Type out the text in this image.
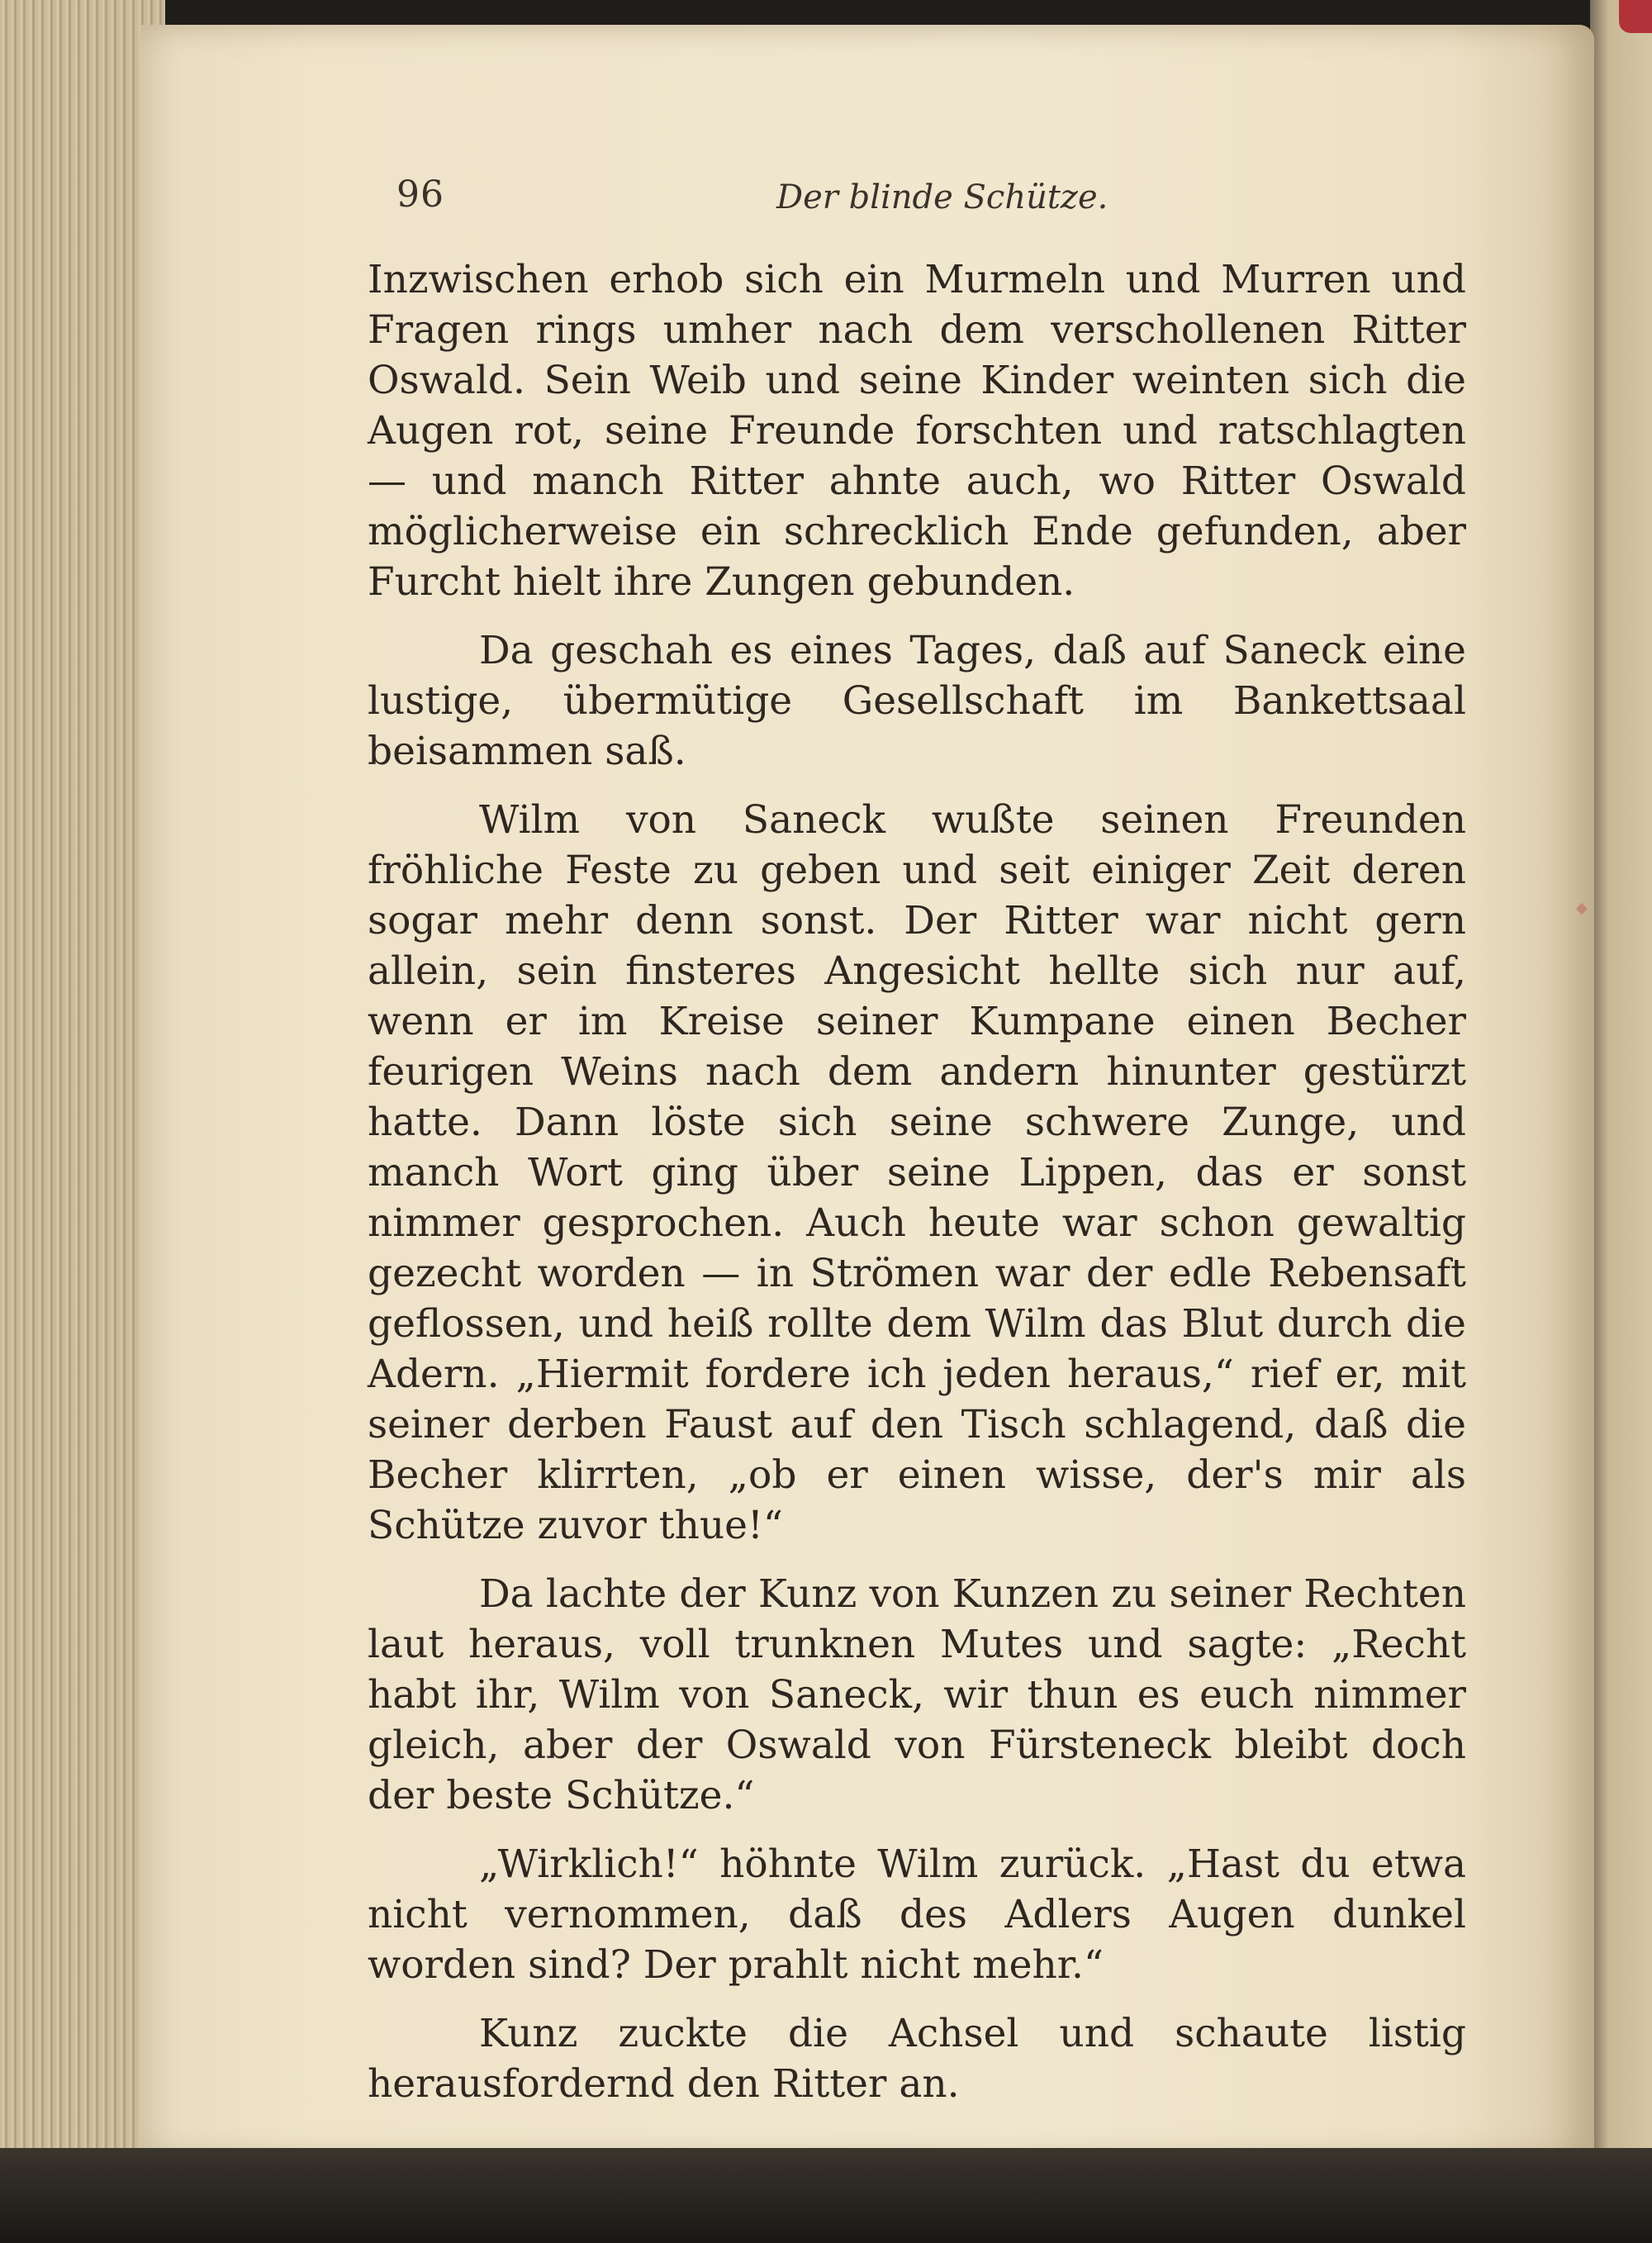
96	Der blinde Schütze.

Inzwischen erhob sich ein Murmeln und Murren und Fragen rings umher nach dem verschollenen Ritter Oswald. Sein Weib und seine Kinder weinten sich die Augen rot, seine Freunde forschten und ratschlagten — und manch Ritter ahnte auch, wo Ritter Oswald möglicherweise ein schrecklich Ende gefunden, aber Furcht hielt ihre Zungen gebunden.

Da geschah es eines Tages, daß auf Saneck eine lustige, übermütige Gesellschaft im Bankettsaal beisammen saß.

Wilm von Saneck wußte seinen Freunden fröhliche Feste zu geben und seit einiger Zeit deren sogar mehr denn sonst. Der Ritter war nicht gern allein, sein finsteres Angesicht hellte sich nur auf, wenn er im Kreise seiner Kumpane einen Becher feurigen Weins nach dem andern hinunter gestürzt hatte. Dann löste sich seine schwere Zunge, und manch Wort ging über seine Lippen, das er sonst nimmer gesprochen. Auch heute war schon gewaltig gezecht worden — in Strömen war der edle Rebensaft geflossen, und heiß rollte dem Wilm das Blut durch die Adern. „Hiermit fordere ich jeden heraus,“ rief er, mit seiner derben Faust auf den Tisch schlagend, daß die Becher klirrten, „ob er einen wisse, der's mir als Schütze zuvor thue!“

Da lachte der Kunz von Kunzen zu seiner Rechten laut heraus, voll trunknen Mutes und sagte: „Recht habt ihr, Wilm von Saneck, wir thun es euch nimmer gleich, aber der Oswald von Fürsteneck bleibt doch der beste Schütze.“

„Wirklich!“ höhnte Wilm zurück. „Hast du etwa nicht vernommen, daß des Adlers Augen dunkel worden sind? Der prahlt nicht mehr.“

Kunz zuckte die Achsel und schaute listig herausfordernd den Ritter an.
